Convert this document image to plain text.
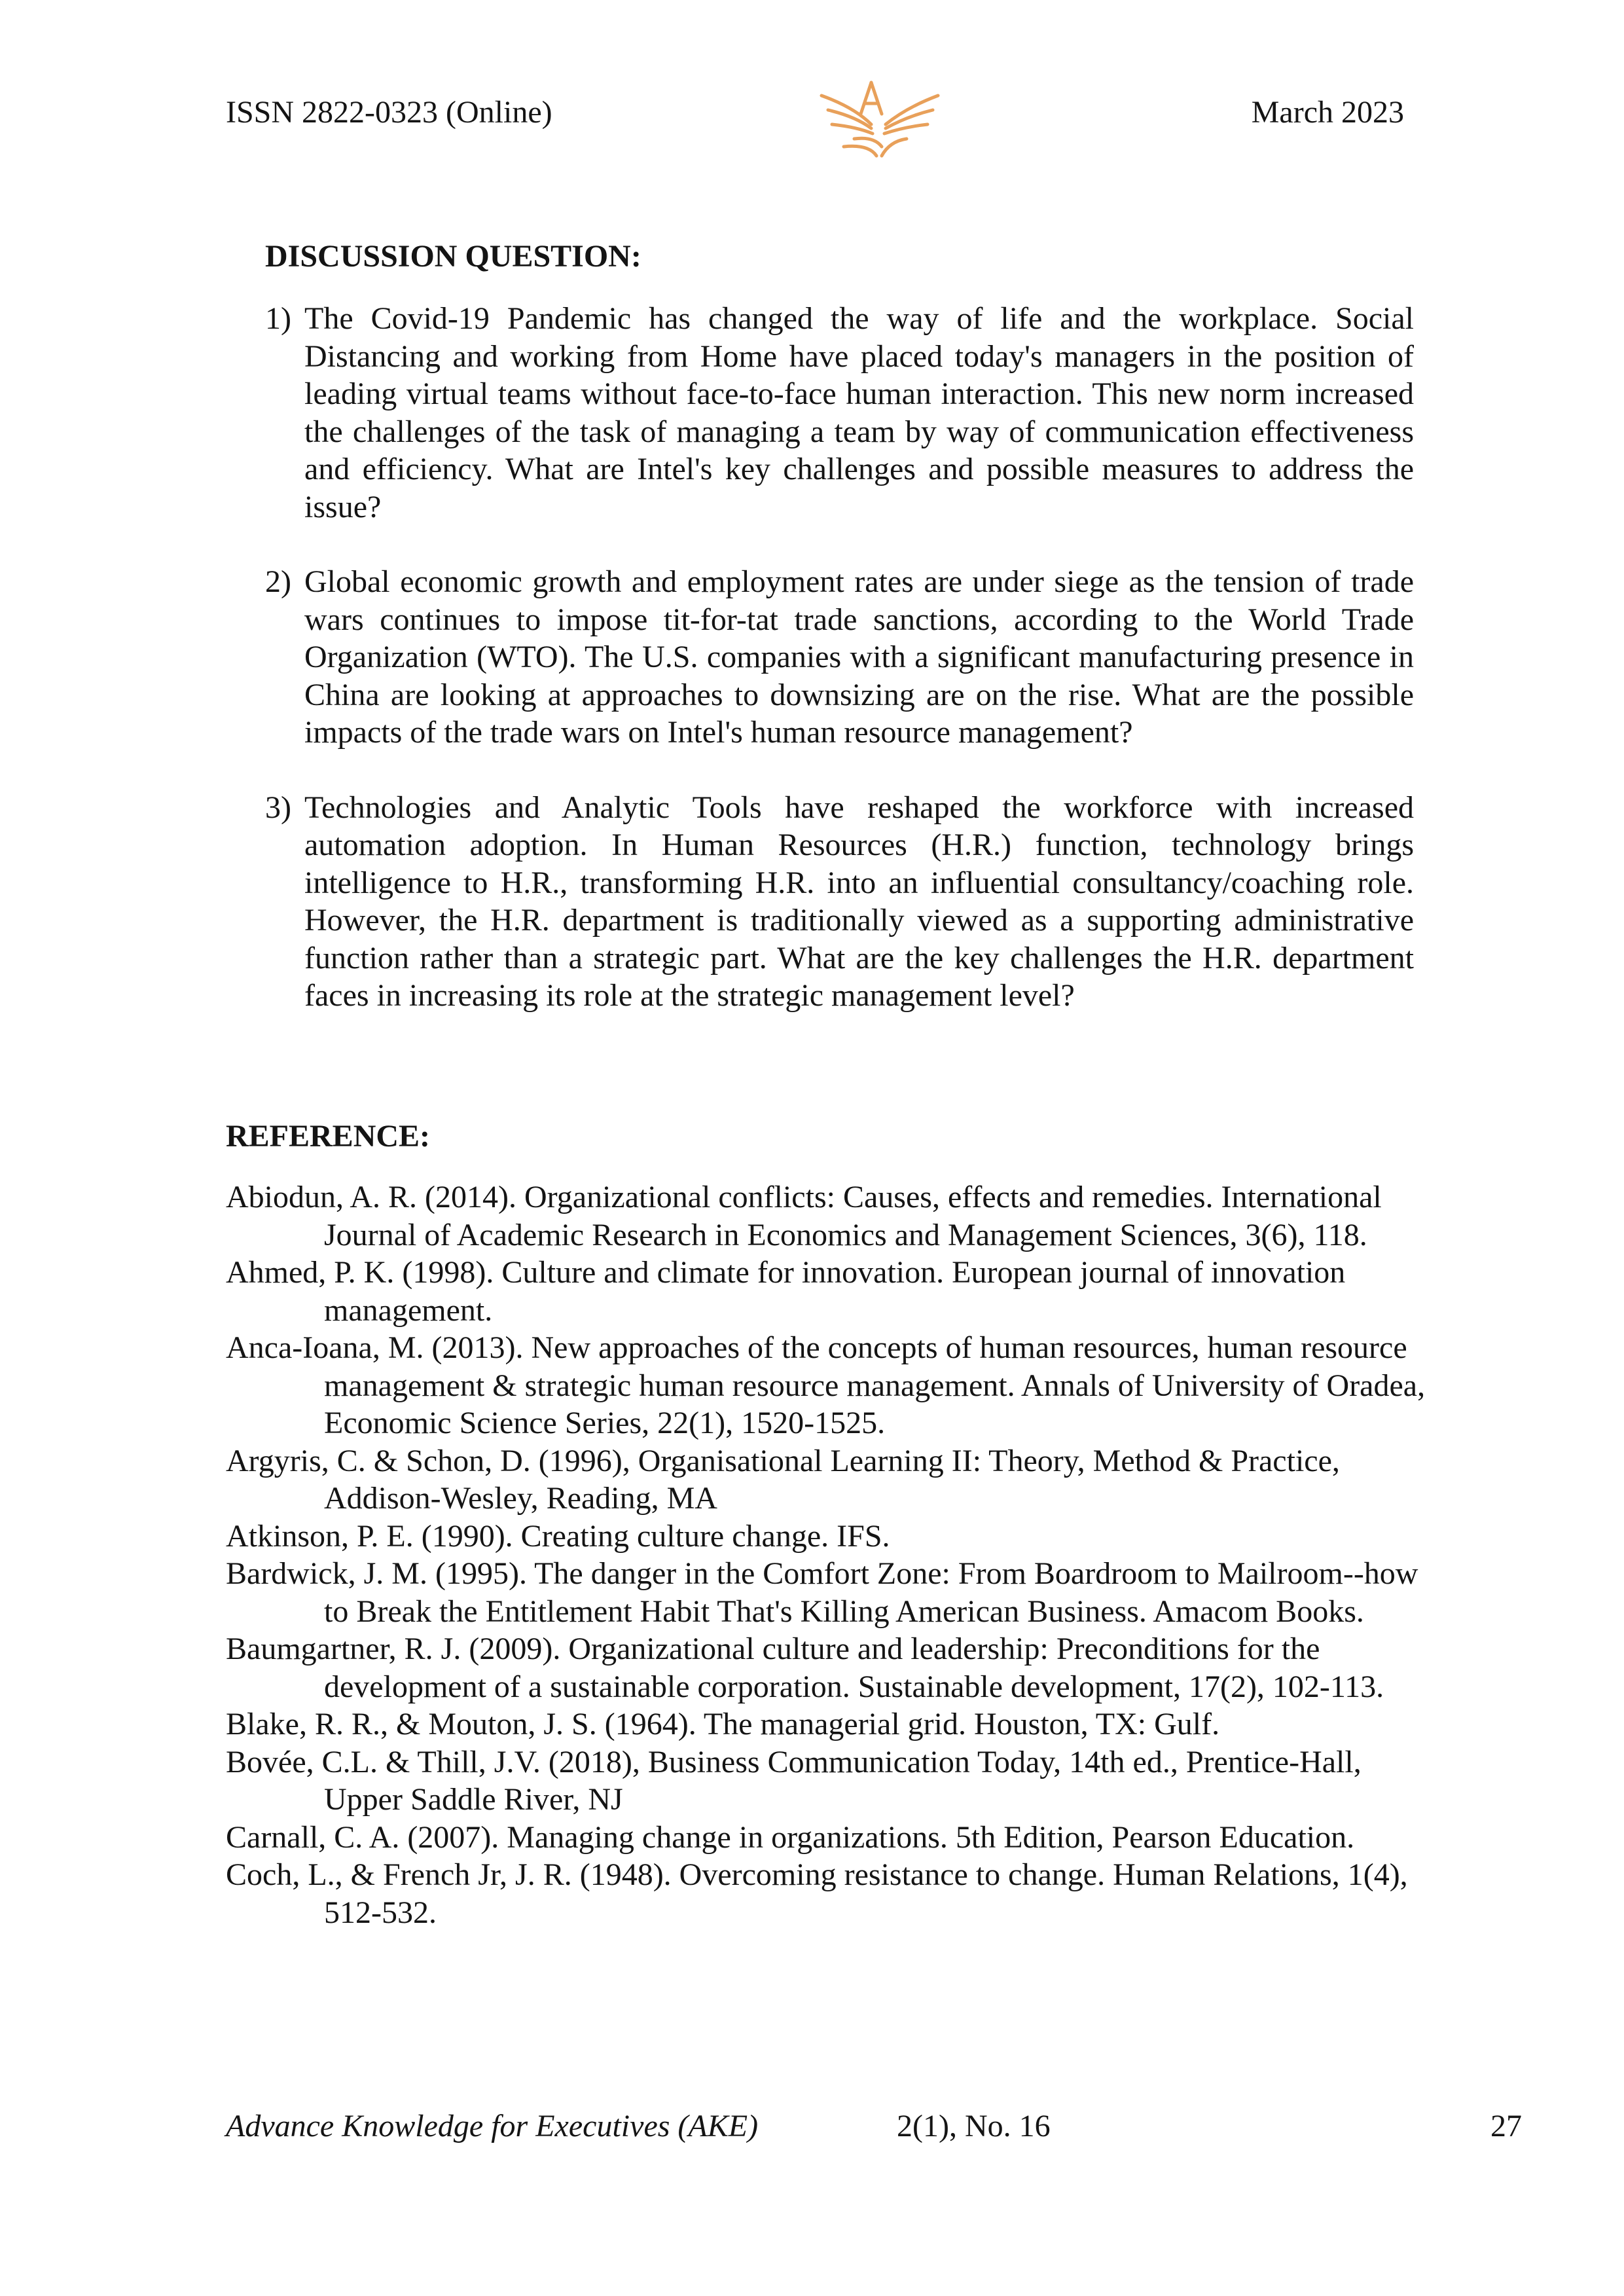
ISSN 2822-0323 (Online)	March 2023
DISCUSSION QUESTION:
1) The Covid-19 Pandemic has changed the way of life and the workplace. Social Distancing and working from Home have placed today's managers in the position of leading virtual teams without face-to-face human interaction. This new norm increased the challenges of the task of managing a team by way of communication effectiveness and efficiency. What are Intel's key challenges and possible measures to address the issue?
2) Global economic growth and employment rates are under siege as the tension of trade wars continues to impose tit-for-tat trade sanctions, according to the World Trade Organization (WTO). The U.S. companies with a significant manufacturing presence in China are looking at approaches to downsizing are on the rise. What are the possible impacts of the trade wars on Intel's human resource management?
3) Technologies and Analytic Tools have reshaped the workforce with increased automation adoption. In Human Resources (H.R.) function, technology brings intelligence to H.R., transforming H.R. into an influential consultancy/coaching role. However, the H.R. department is traditionally viewed as a supporting administrative function rather than a strategic part. What are the key challenges the H.R. department faces in increasing its role at the strategic management level?
REFERENCE:
Abiodun, A. R. (2014). Organizational conflicts: Causes, effects and remedies. International Journal of Academic Research in Economics and Management Sciences, 3(6), 118.
Ahmed, P. K. (1998). Culture and climate for innovation. European journal of innovation management.
Anca-Ioana, M. (2013). New approaches of the concepts of human resources, human resource management & strategic human resource management. Annals of University of Oradea, Economic Science Series, 22(1), 1520-1525.
Argyris, C. & Schon, D. (1996), Organisational Learning II: Theory, Method & Practice, Addison-Wesley, Reading, MA
Atkinson, P. E. (1990). Creating culture change. IFS.
Bardwick, J. M. (1995). The danger in the Comfort Zone: From Boardroom to Mailroom--how to Break the Entitlement Habit That's Killing American Business. Amacom Books.
Baumgartner, R. J. (2009). Organizational culture and leadership: Preconditions for the development of a sustainable corporation. Sustainable development, 17(2), 102-113.
Blake, R. R., & Mouton, J. S. (1964). The managerial grid. Houston, TX: Gulf.
Bovée, C.L. & Thill, J.V. (2018), Business Communication Today, 14th ed., Prentice-Hall, Upper Saddle River, NJ
Carnall, C. A. (2007). Managing change in organizations. 5th Edition, Pearson Education.
Coch, L., & French Jr, J. R. (1948). Overcoming resistance to change. Human Relations, 1(4), 512-532.
Advance Knowledge for Executives (AKE)	2(1), No. 16	27
